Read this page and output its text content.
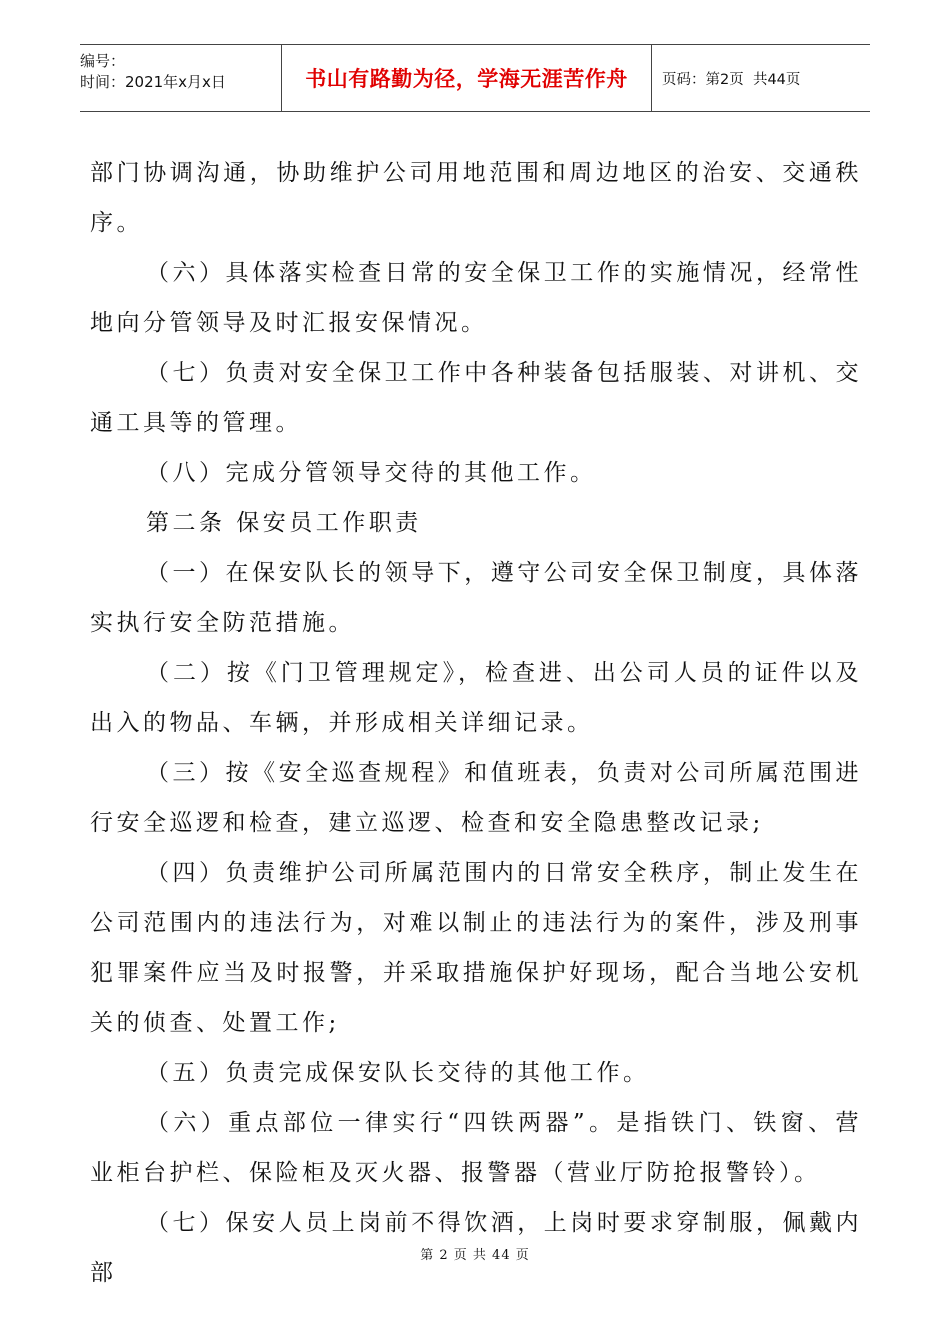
编号：
时间：2021年x月x日	书山有路勤为径，学海无涯苦作舟	页码：第2页  共44页

部门协调沟通，协助维护公司用地范围和周边地区的治安、交通秩序。

（六）具体落实检查日常的安全保卫工作的实施情况，经常性地向分管领导及时汇报安保情况。

（七）负责对安全保卫工作中各种装备包括服装、对讲机、交通工具等的管理。

（八）完成分管领导交待的其他工作。

第二条 保安员工作职责

（一）在保安队长的领导下，遵守公司安全保卫制度，具体落实执行安全防范措施。

（二）按《门卫管理规定》，检查进、出公司人员的证件以及出入的物品、车辆，并形成相关详细记录。

（三）按《安全巡查规程》和值班表，负责对公司所属范围进行安全巡逻和检查，建立巡逻、检查和安全隐患整改记录;

（四）负责维护公司所属范围内的日常安全秩序，制止发生在公司范围内的违法行为，对难以制止的违法行为的案件，涉及刑事犯罪案件应当及时报警，并采取措施保护好现场，配合当地公安机关的侦查、处置工作;

（五）负责完成保安队长交待的其他工作。

（六）重点部位一律实行“四铁两器”。是指铁门、铁窗、营业柜台护栏、保险柜及灭火器、报警器（营业厅防抢报警铃）。

（七）保安人员上岗前不得饮酒，上岗时要求穿制服，佩戴内部

第 2 页 共 44 页
